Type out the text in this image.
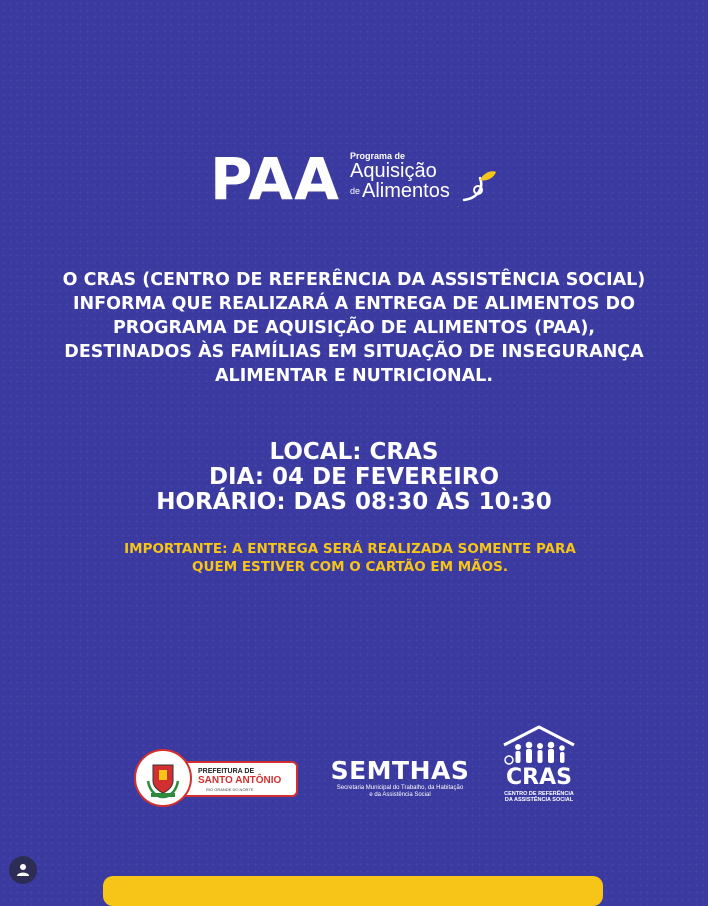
PAA Programa de
Aquisição
de Alimentos
O CRAS (CENTRO DE REFERÊNCIA DA ASSISTÊNCIA SOCIAL)
INFORMA QUE REALIZARÁ A ENTREGA DE ALIMENTOS DO
PROGRAMA DE AQUISIÇÃO DE ALIMENTOS (PAA),
DESTINADOS ÀS FAMÍLIAS EM SITUAÇÃO DE INSEGURANÇA
ALIMENTAR E NUTRICIONAL.
LOCAL: CRAS
DIA: 04 DE FEVEREIRO
HORÁRIO: DAS 08:30 ÀS 10:30
IMPORTANTE: A ENTREGA SERÁ REALIZADA SOMENTE PARA
QUEM ESTIVER COM O CARTÃO EM MÃOS.
PREFEITURA DE
SANTO ANTÔNIO
RIO GRANDE DO NORTE
SEMTHAS
Secretaria Municipal do Trabalho, da Habitação
e da Assistência Social
CRAS
CENTRO DE REFERÊNCIA
DA ASSISTÊNCIA SOCIAL
